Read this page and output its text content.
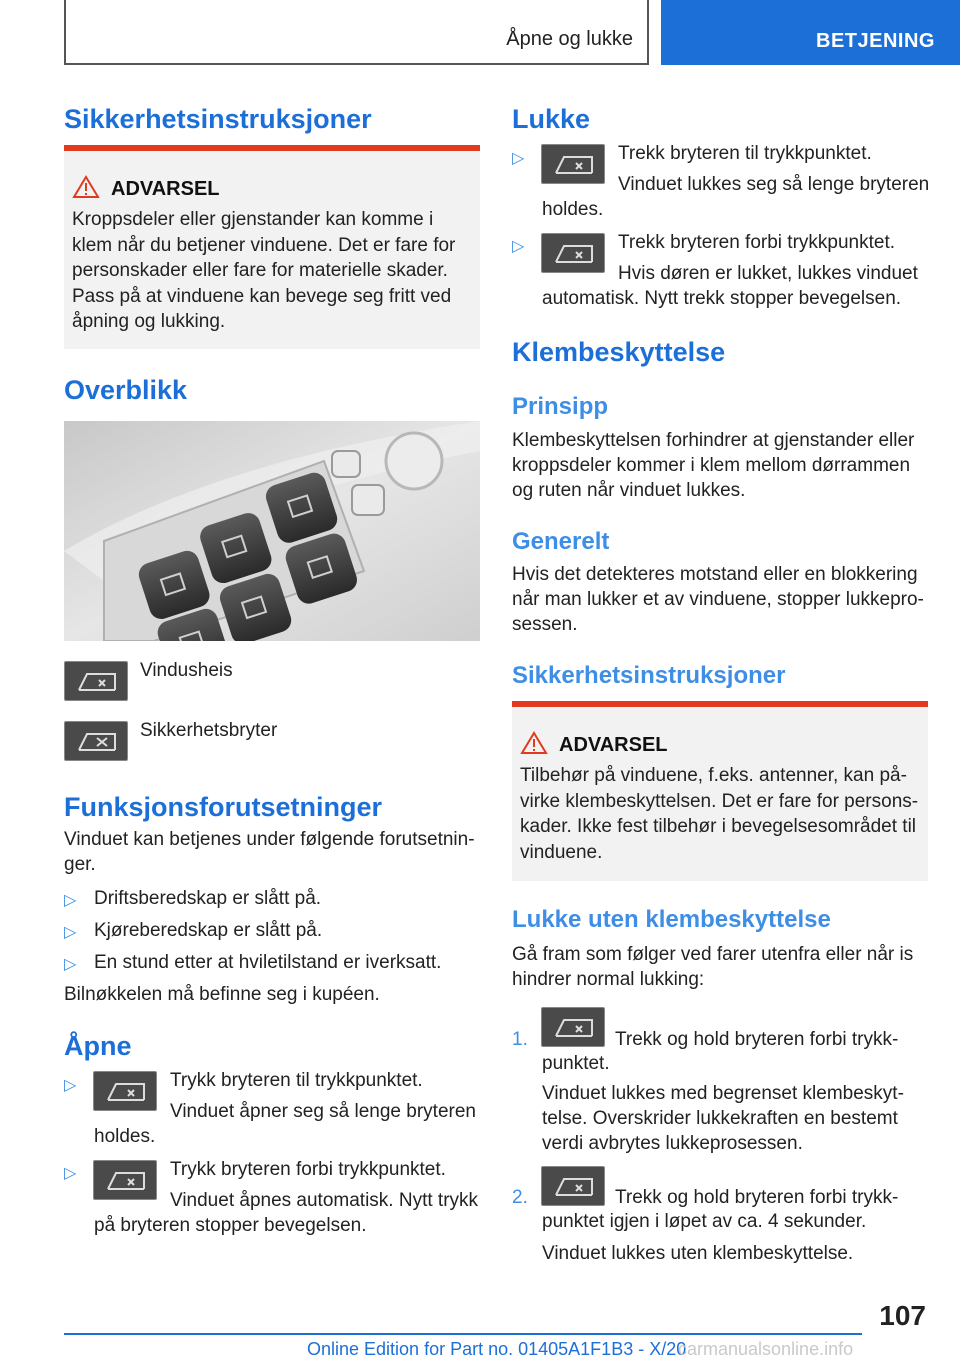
Åpne og lukke	BETJENING
Sikkerhetsinstruksjoner
ADVARSEL
Kroppsdeler eller gjenstander kan komme i
klem når du betjener vinduene. Det er fare for
personskader eller fare for materielle skader.
Pass på at vinduene kan bevege seg fritt ved
åpning og lukking.
Overblikk
Vindusheis
Sikkerhetsbryter
Funksjonsforutsetninger
Vinduet kan betjenes under følgende forutsetnin-
ger.
▷ Driftsberedskap er slått på.
▷ Kjøreberedskap er slått på.
▷ En stund etter at hviletilstand er iverksatt.
Bilnøkkelen må befinne seg i kupéen.
Åpne
▷	Trykk bryteren til trykkpunktet.
Vinduet åpner seg så lenge bryteren
holdes.
▷	Trykk bryteren forbi trykkpunktet.
Vinduet åpnes automatisk. Nytt trykk
på bryteren stopper bevegelsen.
Lukke
▷	Trekk bryteren til trykkpunktet.
Vinduet lukkes seg så lenge bryteren
holdes.
▷	Trekk bryteren forbi trykkpunktet.
Hvis døren er lukket, lukkes vinduet
automatisk. Nytt trekk stopper bevegelsen.
Klembeskyttelse
Prinsipp
Klembeskyttelsen forhindrer at gjenstander eller
kroppsdeler kommer i klem mellom dørrammen
og ruten når vinduet lukkes.
Generelt
Hvis det detekteres motstand eller en blokkering
når man lukker et av vinduene, stopper lukkepro-
sessen.
Sikkerhetsinstruksjoner
ADVARSEL
Tilbehør på vinduene, f.eks. antenner, kan på-
virke klembeskyttelsen. Det er fare for persons-
kader. Ikke fest tilbehør i bevegelsesområdet til
vinduene.
Lukke uten klembeskyttelse
Gå fram som følger ved farer utenfra eller når is
hindrer normal lukking:
1.	Trekk og hold bryteren forbi trykk-
punktet.
Vinduet lukkes med begrenset klembeskyt-
telse. Overskrider lukkekraften en bestemt
verdi avbrytes lukkeprosessen.
2.	Trekk og hold bryteren forbi trykk-
punktet igjen i løpet av ca. 4 sekunder.
Vinduet lukkes uten klembeskyttelse.
107
Online Edition for Part no. 01405A1F1B3 - X/20
carmanualsonline.info
